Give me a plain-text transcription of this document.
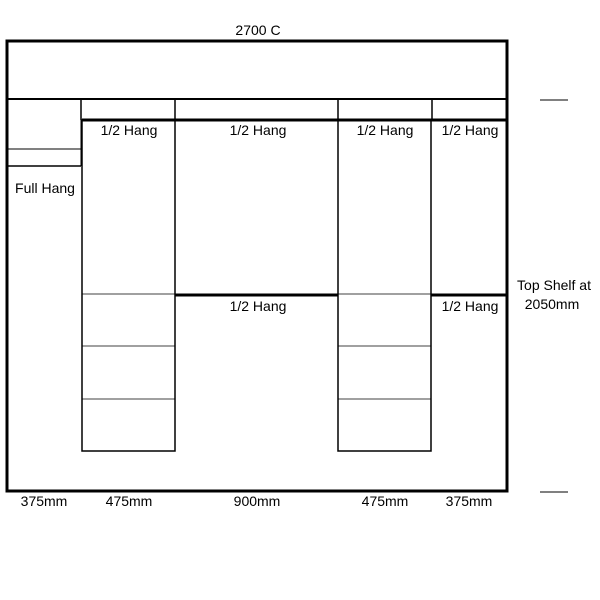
2700 C
Full Hang
1/2 Hang	1/2 Hang
1/2 Hang
1/2 Hang 1/2 Hang
1/2 Hang
Top Shelf at
2050mm
375mm	475mm	900mm	475mm	375mm
